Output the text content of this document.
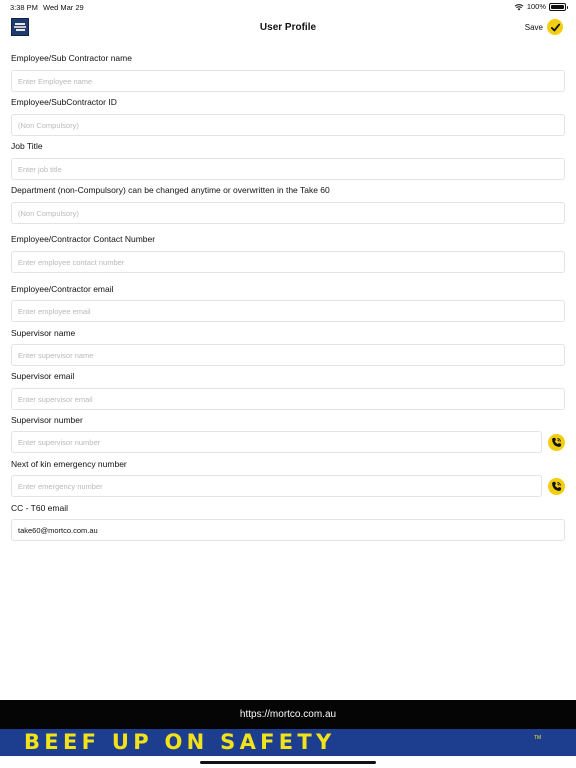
3:38 PM Wed Mar 29	100%
User Profile	Save
Employee/Sub Contractor name
Enter Employee name
Employee/SubContractor ID
(Non Compulsory)
Job Title
Enter job title
Department (non-Compulsory) can be changed anytime or overwritten in the Take 60
(Non Compulsory)
Employee/Contractor Contact Number
Enter employee contact number
Employee/Contractor email
Enter employee email
Supervisor name
Enter supervisor name
Supervisor email
Enter supervisor email
Supervisor number
Enter supervisor number
Next of kin emergency number
Enter emergency number
CC - T60 email
take60@mortco.com.au
https://mortco.com.au
BEEF UP ON SAFETY	TM
